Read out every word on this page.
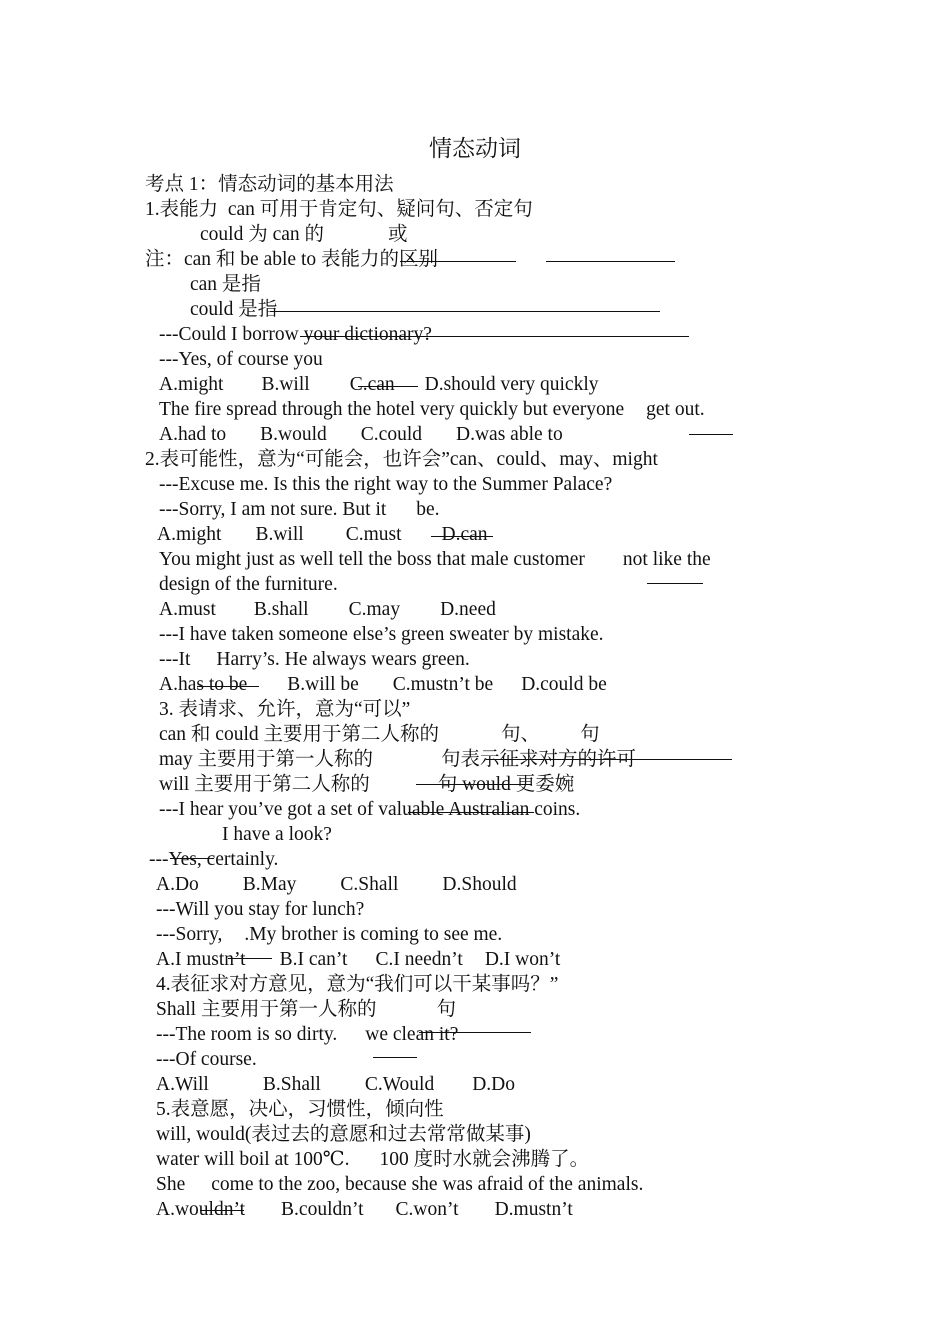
情态动词
考点 1：情态动词的基本用法
1.表能力  can 可用于肯定句、疑问句、否定句
could 为 can 的	或
注：can 和 be able to 表能力的区别
can 是指
could 是指
---Could I borrow your dictionary?
---Yes, of course you
A.might B.will C.can D.should very quickly
The fire spread through the hotel very quickly but everyone get out.
A.had to B.would C.could D.was able to
2.表可能性，意为“可能会，也许会”can、could、may、might
---Excuse me. Is this the right way to the Summer Palace?
---Sorry, I am not sure. But it be.
A.might B.will C.must D.can
You might just as well tell the boss that male customer not like the
design of the furniture.
A.must B.shall C.may D.need
---I have taken someone else’s green sweater by mistake.
---It Harry’s. He always wears green.
A.has to be B.will be C.mustn’t be D.could be
3. 表请求、允许，意为“可以”
can 和 could 主要用于第二人称的	句、 句
may 主要用于第一人称的	句表示征求对方的许可
will 主要用于第二人称的	句 would 更委婉
---I hear you’ve got a set of valuable Australian coins.
I have a look?
---Yes, certainly.
A.Do B.May C.Shall D.Should
---Will you stay for lunch?
---Sorry, .My brother is coming to see me.
A.I mustn’t B.I can’t C.I needn’t D.I won’t
4.表征求对方意见，意为“我们可以干某事吗？”
Shall 主要用于第一人称的	句
---The room is so dirty. we clean it?
---Of course.
A.Will	B.Shall C.Would D.Do
5.表意愿，决心，习惯性，倾向性
will, would(表过去的意愿和过去常常做某事)
water will boil at 100℃. 100 度时水就会沸腾了。
She come to the zoo, because she was afraid of the animals.
A.wouldn’t B.couldn’t C.won’t D.mustn’t
